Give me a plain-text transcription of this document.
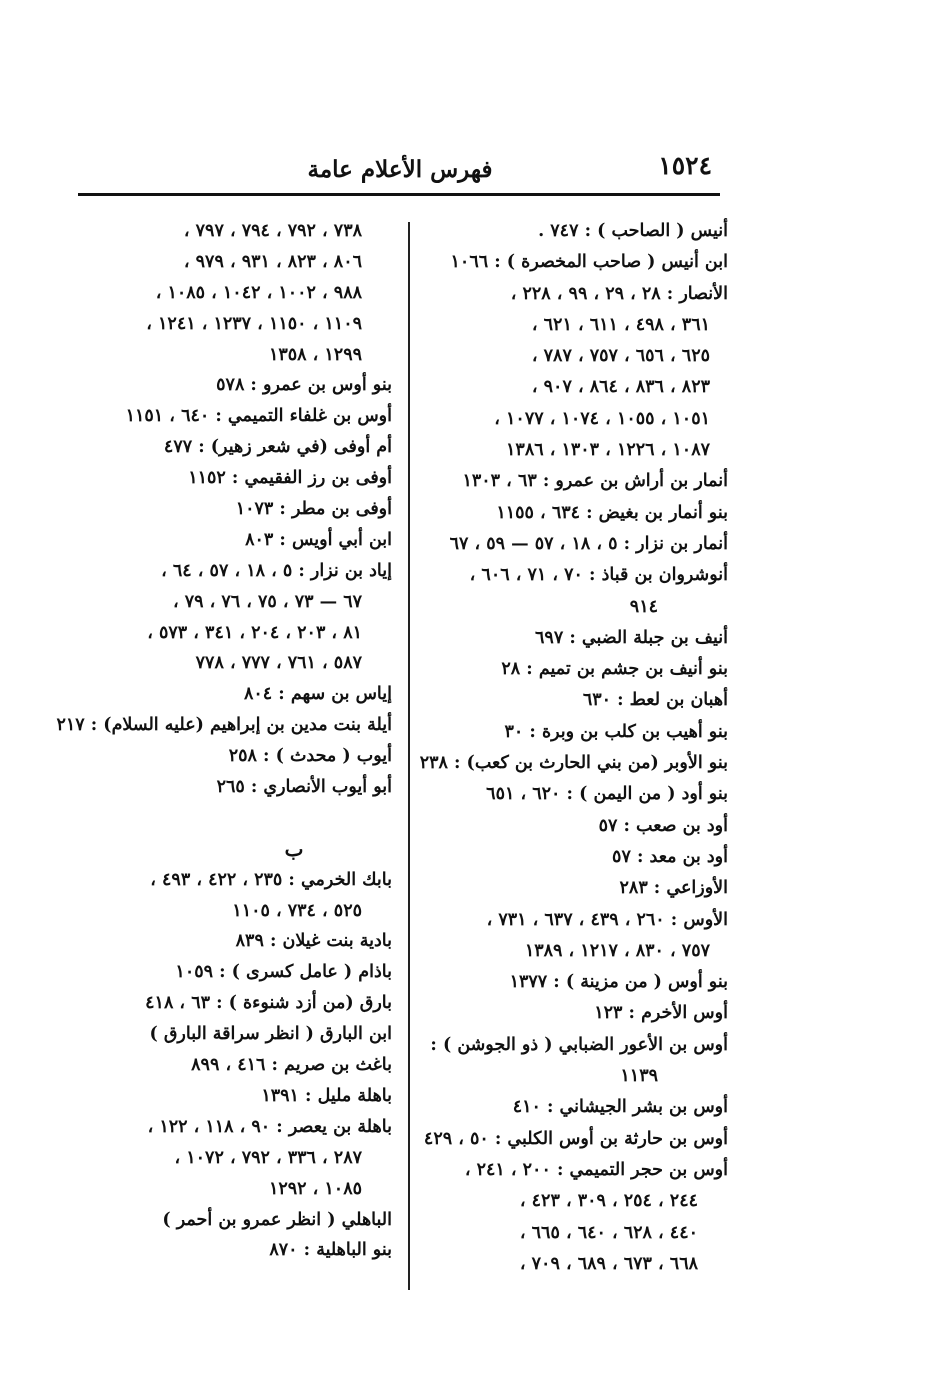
١٥٢٤
فهرس الأعلام عامة
أنيس ( الصاحب ) : ٧٤٧ .
ابن أنيس ( صاحب المخصرة ) : ١٠٦٦
الأنصار : ٢٨ ، ٢٩ ، ٩٩ ، ٢٢٨ ،
٣٦١ ، ٤٩٨ ، ٦١١ ، ٦٢١ ،
٦٢٥ ، ٦٥٦ ، ٧٥٧ ، ٧٨٧ ،
٨٢٣ ، ٨٣٦ ، ٨٦٤ ، ٩٠٧ ،
١٠٥١ ، ١٠٥٥ ، ١٠٧٤ ، ١٠٧٧ ،
١٠٨٧ ، ١٢٢٦ ، ١٣٠٣ ، ١٣٨٦
أنمار بن أراش بن عمرو : ٦٣ ، ١٣٠٣
بنو أنمار بن بغيض : ٦٣٤ ، ١١٥٥
أنمار بن نزار : ٥ ، ١٨ ، ٥٧ — ٥٩ ، ٦٧
أنوشروان بن قباذ : ٧٠ ، ٧١ ، ٦٠٦ ،
٩١٤
أنيف بن جبلة الضبي : ٦٩٧
بنو أنيف بن جشم بن تميم : ٢٨
أهبان بن لعط : ٦٣٠
بنو أهيب بن كلب بن وبرة : ٣٠
بنو الأوبر (من بني الحارث بن كعب) : ٢٣٨
بنو أود ( من اليمن ) : ٦٢٠ ، ٦٥١
أود بن صعب : ٥٧
أود بن معد : ٥٧
الأوزاعي : ٢٨٣
الأوس : ٢٦٠ ، ٤٣٩ ، ٦٣٧ ، ٧٣١ ،
٧٥٧ ، ٨٣٠ ، ١٢١٧ ، ١٣٨٩
بنو أوس ( من مزينة ) : ١٣٧٧
أوس الأخرم : ١٢٣
أوس بن الأعور الضبابي ( ذو الجوشن ) :
١١٣٩
أوس بن بشر الجيشاني : ٤١٠
أوس بن حارثة بن أوس الكلبي : ٥٠ ، ٤٢٩
أوس بن حجر التميمي : ٢٠٠ ، ٢٤١ ،
٢٤٤ ، ٢٥٤ ، ٣٠٩ ، ٤٢٣ ،
٤٤٠ ، ٦٢٨ ، ٦٤٠ ، ٦٦٥ ،
٦٦٨ ، ٦٧٣ ، ٦٨٩ ، ٧٠٩ ،
٧٣٨ ، ٧٩٢ ، ٧٩٤ ، ٧٩٧ ،
٨٠٦ ، ٨٢٣ ، ٩٣١ ، ٩٧٩ ،
٩٨٨ ، ١٠٠٢ ، ١٠٤٢ ، ١٠٨٥ ،
١١٠٩ ، ١١٥٠ ، ١٢٣٧ ، ١٢٤١ ،
١٢٩٩ ، ١٣٥٨
بنو أوس بن عمرو : ٥٧٨
أوس بن غلفاء التميمي : ٦٤٠ ، ١١٥١
أم أوفى (في شعر زهير) : ٤٧٧
أوفى بن رز الفقيمي : ١١٥٢
أوفى بن مطر : ١٠٧٣
ابن أبي أويس : ٨٠٣
إياد بن نزار : ٥ ، ١٨ ، ٥٧ ، ٦٤ ،
٦٧ — ٧٣ ، ٧٥ ، ٧٦ ، ٧٩ ،
٨١ ، ٢٠٣ ، ٢٠٤ ، ٣٤١ ، ٥٧٣ ،
٥٨٧ ، ٧٦١ ، ٧٧٧ ، ٧٧٨
إياس بن سهم : ٨٠٤
أيلة بنت مدين بن إبراهيم (عليه السلام) : ٢١٧
أيوب ( محدث ) : ٢٥٨
أبو أيوب الأنصاري : ٢٦٥
ب
بابك الخرمي : ٢٣٥ ، ٤٢٢ ، ٤٩٣ ،
٥٢٥ ، ٧٣٤ ، ١١٠٥
بادية بنت غيلان : ٨٣٩
باذام ( عامل كسرى ) : ١٠٥٩
بارق (من أزد شنوءة ) : ٦٣ ، ٤١٨
ابن البارق ( انظر سراقة البارق )
باغث بن صريم : ٤١٦ ، ٨٩٩
باهلة مليل : ١٣٩١
باهلة بن يعصر : ٩٠ ، ١١٨ ، ١٢٢ ،
٢٨٧ ، ٣٣٦ ، ٧٩٢ ، ١٠٧٢ ،
١٠٨٥ ، ١٢٩٢
الباهلي ( انظر عمرو بن أحمر )
بنو الباهلية : ٨٧٠
